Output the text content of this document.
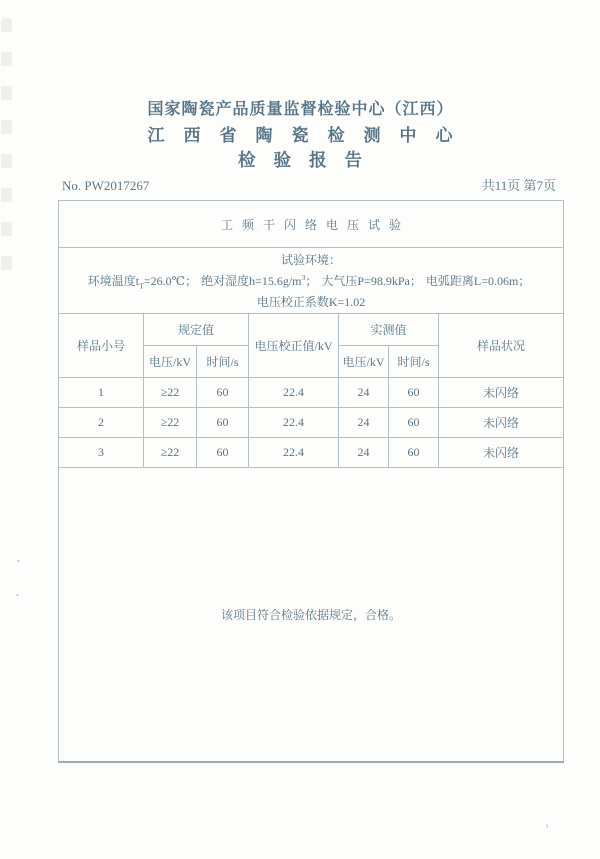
国家陶瓷产品质量监督检验中心（江西）
江西省陶瓷检测中心
检验报告
No. PW2017267	共11页 第7页
工频干闪络电压试验						

试验环境：
环境温度$t_T=26.0℃$； 绝对湿度$h=15.6g/m^3$； 大气压P=98.9kPa； 电弧距离L=0.06m；
电压校正系数K=1.02						

样品小号	规定值		电压校正值/kV	实测值		样品状况
	电压/kV	时间/s		电压/kV	时间/s	
1	≥22	60	22.4	24	60	未闪络
2	≥22	60	22.4	24	60	未闪络
3	≥22	60	22.4	24	60	未闪络
该项目符合检验依据规定，合格。						
